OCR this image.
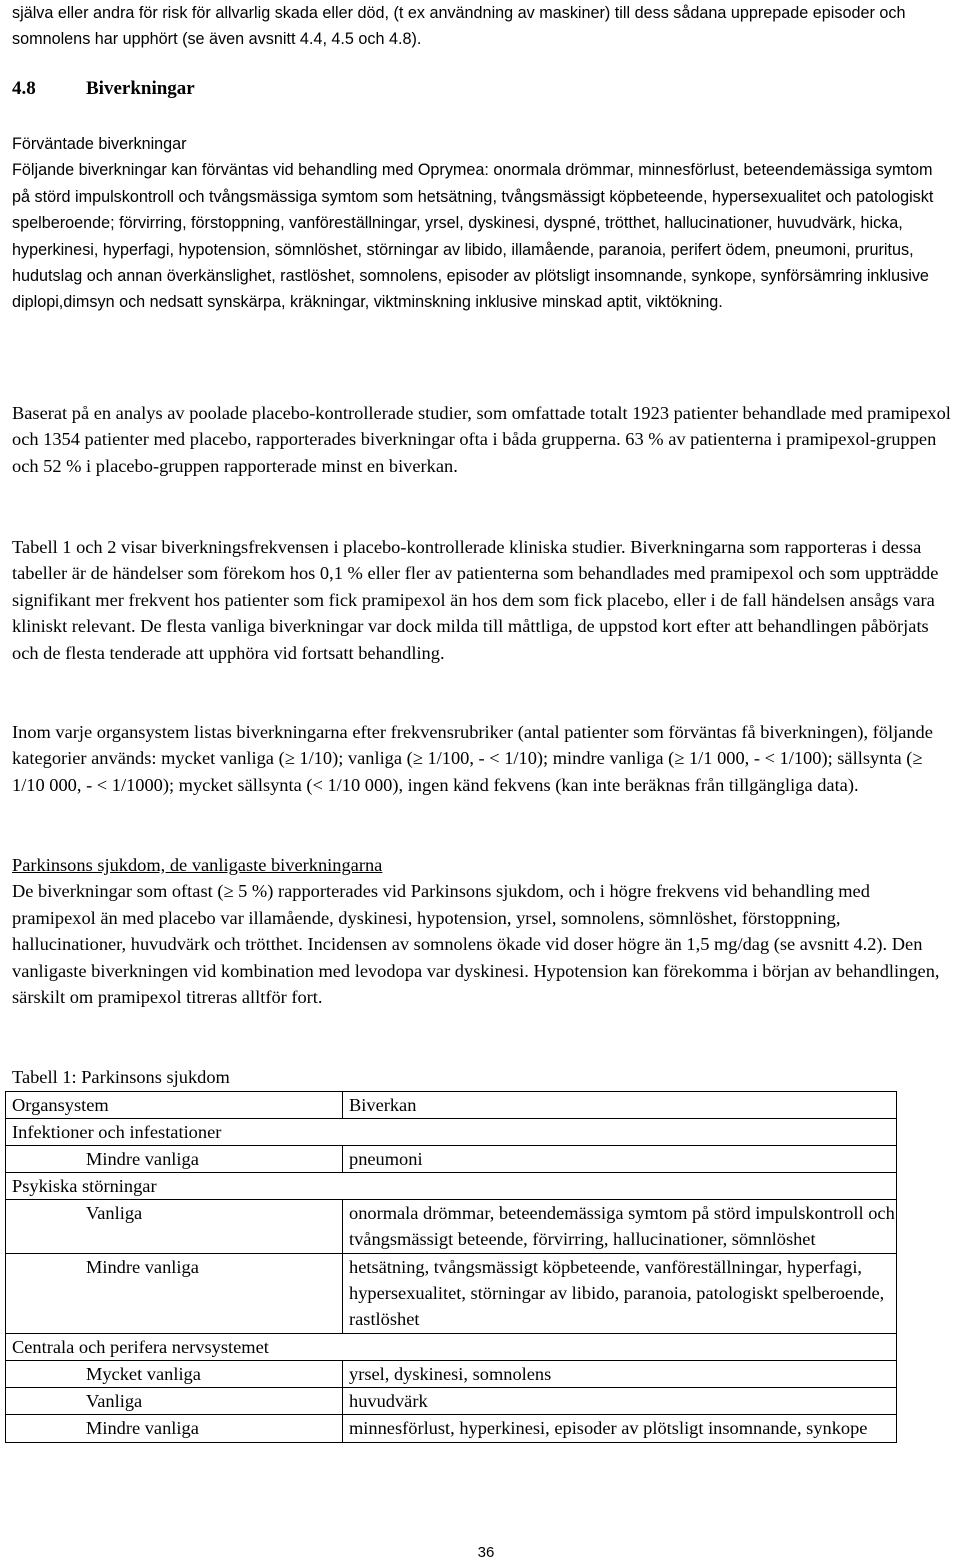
själva eller andra för risk för allvarlig skada eller död, (t ex användning av maskiner) till dess sådana upprepade episoder och somnolens har upphört (se även avsnitt 4.4, 4.5 och 4.8).

4.8	Biverkningar
Förväntade biverkningar
Följande biverkningar kan förväntas vid behandling med Oprymea: onormala drömmar, minnesförlust, beteendemässiga symtom på störd impulskontroll och tvångsmässiga symtom som hetsätning, tvångsmässigt köpbeteende, hypersexualitet och patologiskt spelberoende; förvirring, förstoppning, vanföreställningar, yrsel, dyskinesi, dyspné, trötthet, hallucinationer, huvudvärk, hicka, hyperkinesi, hyperfagi, hypotension, sömnlöshet, störningar av libido, illamående, paranoia, perifert ödem, pneumoni, pruritus, hudutslag och annan överkänslighet, rastlöshet, somnolens, episoder av plötsligt insomnande, synkope, synförsämring inklusive diplopi,dimsyn och nedsatt synskärpa, kräkningar, viktminskning inklusive minskad aptit, viktökning.

Baserat på en analys av poolade placebo-kontrollerade studier, som omfattade totalt 1923 patienter behandlade med pramipexol och 1354 patienter med placebo, rapporterades biverkningar ofta i båda grupperna. 63 % av patienterna i pramipexol-gruppen och 52 % i placebo-gruppen rapporterade minst en biverkan.

Tabell 1 och 2 visar biverkningsfrekvensen i placebo-kontrollerade kliniska studier. Biverkningarna som rapporteras i dessa tabeller är de händelser som förekom hos 0,1 % eller fler av patienterna som behandlades med pramipexol och som uppträdde signifikant mer frekvent hos patienter som fick pramipexol än hos dem som fick placebo, eller i de fall händelsen ansågs vara kliniskt relevant. De flesta vanliga biverkningar var dock milda till måttliga, de uppstod kort efter att behandlingen påbörjats och de flesta tenderade att upphöra vid fortsatt behandling.

Inom varje organsystem listas biverkningarna efter frekvensrubriker (antal patienter som förväntas få biverkningen), följande kategorier används: mycket vanliga (≥ 1/10); vanliga (≥ 1/100, - < 1/10); mindre vanliga (≥ 1/1 000, - < 1/100); sällsynta (≥ 1/10 000, - < 1/1000); mycket sällsynta (< 1/10 000), ingen känd fekvens (kan inte beräknas från tillgängliga data).

Parkinsons sjukdom, de vanligaste biverkningarna
De biverkningar som oftast (≥ 5 %) rapporterades vid Parkinsons sjukdom, och i högre frekvens vid behandling med pramipexol än med placebo var illamående, dyskinesi, hypotension, yrsel, somnolens, sömnlöshet, förstoppning, hallucinationer, huvudvärk och trötthet. Incidensen av somnolens ökade vid doser högre än 1,5 mg/dag (se avsnitt 4.2). Den vanligaste biverkningen vid kombination med levodopa var dyskinesi. Hypotension kan förekomma i början av behandlingen, särskilt om pramipexol titreras alltför fort.

Tabell 1: Parkinsons sjukdom

Organsystem	Biverkan
Infektioner och infestationer	
Mindre vanliga	pneumoni
Psykiska störningar	
Vanliga	onormala drömmar, beteendemässiga symtom på störd impulskontroll och tvångsmässigt beteende, förvirring, hallucinationer, sömnlöshet
Mindre vanliga	hetsätning, tvångsmässigt köpbeteende, vanföreställningar, hyperfagi, hypersexualitet, störningar av libido, paranoia, patologiskt spelberoende, rastlöshet
Centrala och perifera nervsystemet	
Mycket vanliga	yrsel, dyskinesi, somnolens
Vanliga	huvudvärk
Mindre vanliga	minnesförlust, hyperkinesi, episoder av plötsligt insomnande, synkope
36
